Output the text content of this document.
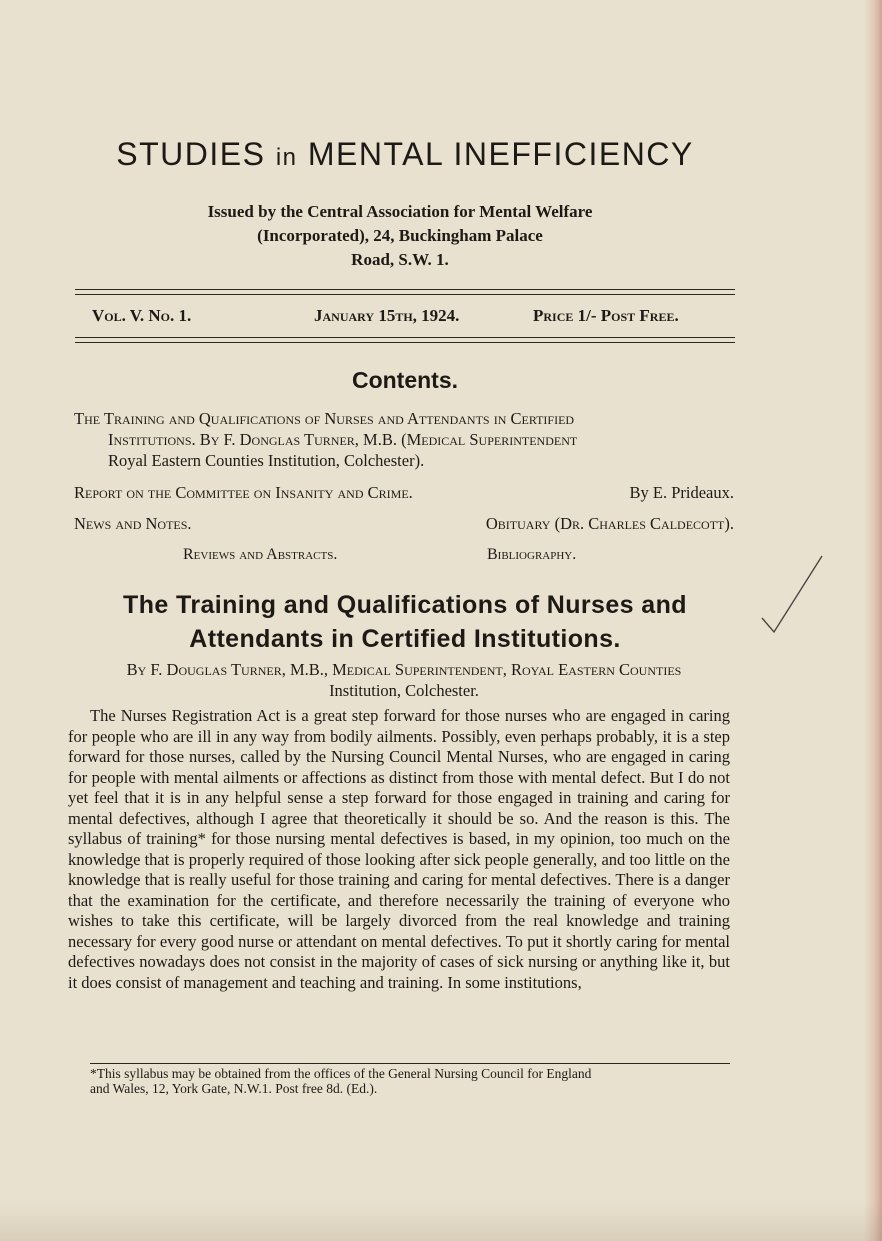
STUDIES in MENTAL INEFFICIENCY
Issued by the Central Association for Mental Welfare
(Incorporated), 24, Buckingham Palace
Road, S.W. 1.
Vol. V. No. 1.	January 15th, 1924.	Price 1/- Post Free.
Contents.
The Training and Qualifications of Nurses and Attendants in Certified
Institutions. By F. Donglas Turner, M.B. (Medical Superintendent
Royal Eastern Counties Institution, Colchester).
Report on the Committee on Insanity and Crime.	By E. Prideaux.
News and Notes.	Obituary (Dr. Charles Caldecott).
Reviews and Abstracts.	Bibliography.
The Training and Qualifications of Nurses and
Attendants in Certified Institutions.
By F. Douglas Turner, M.B., Medical Superintendent, Royal Eastern Counties
Institution, Colchester.

The Nurses Registration Act is a great step forward for those nurses who are engaged in caring for people who are ill in any way from bodily ailments. Possibly, even perhaps probably, it is a step forward for those nurses, called by the Nursing Council Mental Nurses, who are engaged in caring for people with mental ailments or affections as distinct from those with mental defect. But I do not yet feel that it is in any helpful sense a step forward for those engaged in training and caring for mental defectives, although I agree that theoretically it should be so. And the reason is this. The syllabus of training* for those nursing mental defectives is based, in my opinion, too much on the knowledge that is properly required of those looking after sick people generally, and too little on the knowledge that is really useful for those training and caring for mental defectives. There is a danger that the examination for the certificate, and therefore necessarily the training of everyone who wishes to take this certificate, will be largely divorced from the real knowledge and training necessary for every good nurse or attendant on mental defectives. To put it shortly caring for mental defectives nowadays does not consist in the majority of cases of sick nursing or anything like it, but it does consist of management and teaching and training. In some institutions,

*This syllabus may be obtained from the offices of the General Nursing Council for England
and Wales, 12, York Gate, N.W.1. Post free 8d. (Ed.).
